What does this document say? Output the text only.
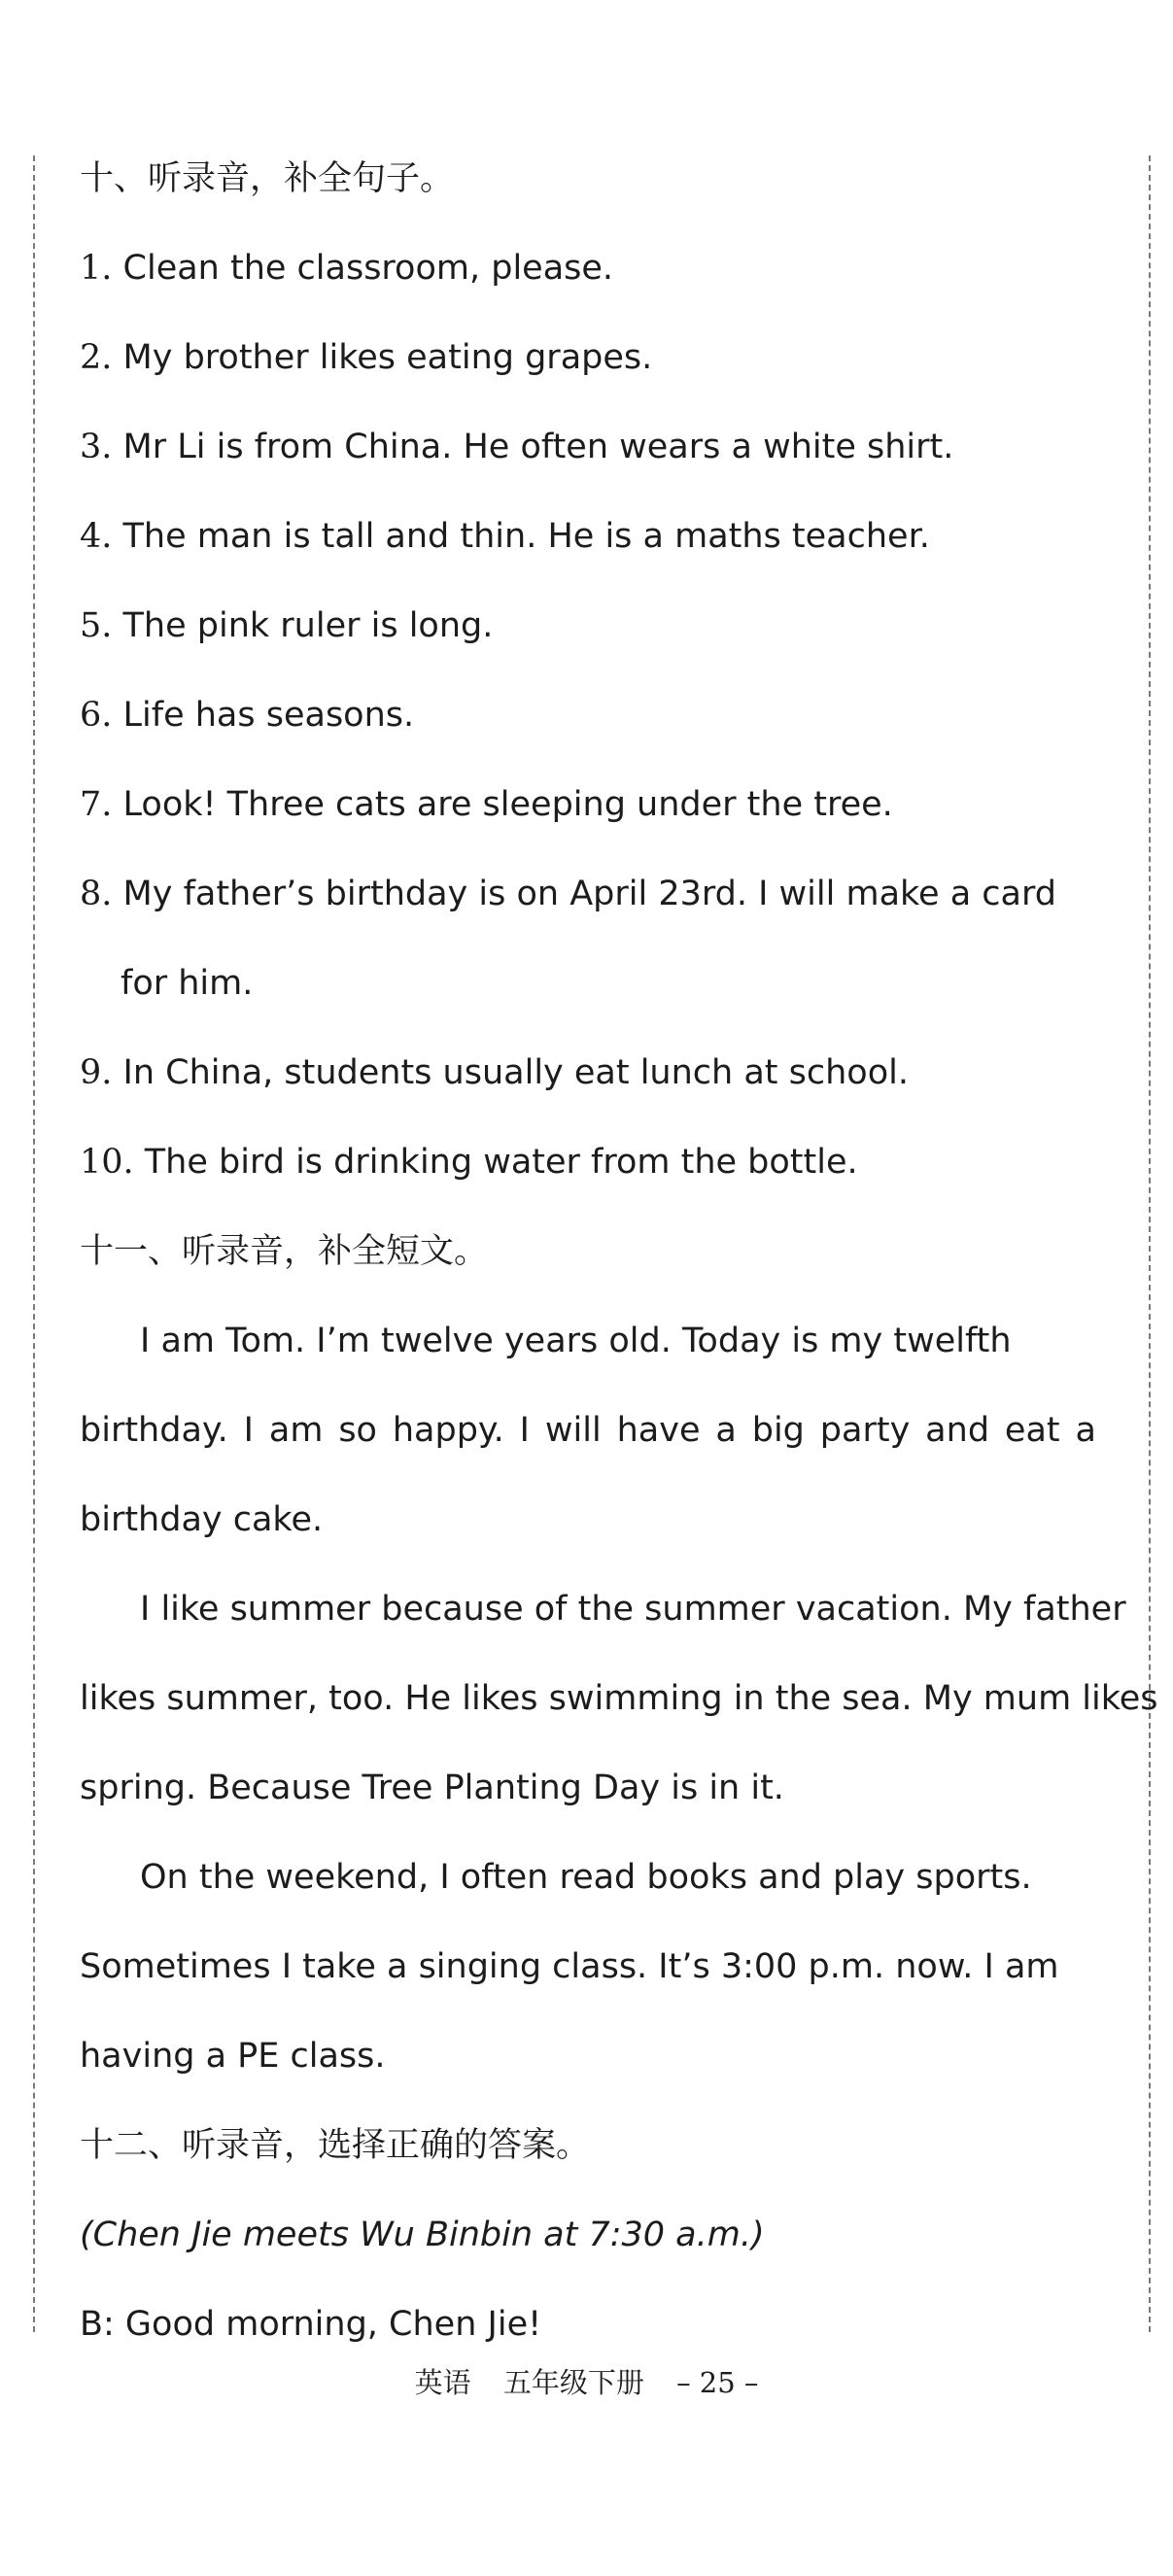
十、听录音，补全句子。
1. Clean the classroom, please.
2. My brother likes eating grapes.
3. Mr Li is from China. He often wears a white shirt.
4. The man is tall and thin. He is a maths teacher.
5. The pink ruler is long.
6. Life has seasons.
7. Look! Three cats are sleeping under the tree.
8. My father’s birthday is on April 23rd. I will make a card
for him.
9. In China, students usually eat lunch at school.
10. The bird is drinking water from the bottle.
十一、听录音，补全短文。
I am Tom. I’m twelve years old. Today is my twelfth
birthday. I am so happy. I will have a big party and eat a
birthday cake.
I like summer because of the summer vacation. My father
likes summer, too. He likes swimming in the sea. My mum likes
spring. Because Tree Planting Day is in it.
On the weekend, I often read books and play sports.
Sometimes I take a singing class. It’s 3:00 p.m. now. I am
having a PE class.
十二、听录音，选择正确的答案。
(Chen Jie meets Wu Binbin at 7:30 a.m.)
B: Good morning, Chen Jie!
英语 五年级下册 – 25 –
